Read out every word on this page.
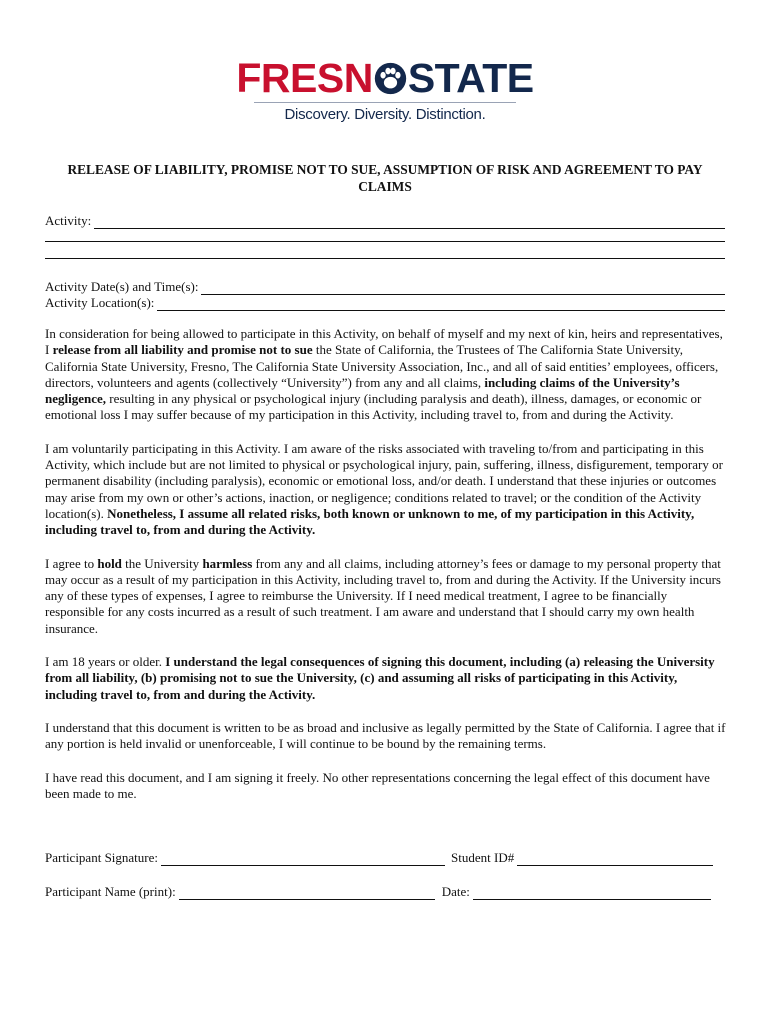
FRESN STATE
Discovery. Diversity. Distinction.
RELEASE OF LIABILITY, PROMISE NOT TO SUE, ASSUMPTION OF RISK AND AGREEMENT TO PAY CLAIMS
Activity:
Activity Date(s) and Time(s):
Activity Location(s):

In consideration for being allowed to participate in this Activity, on behalf of myself and my next of kin, heirs and representatives, I release from all liability and promise not to sue the State of California, the Trustees of The California State University, California State University, Fresno, The California State University Association, Inc., and all of said entities’ employees, officers, directors, volunteers and agents (collectively “University”) from any and all claims, including claims of the University’s negligence, resulting in any physical or psychological injury (including paralysis and death), illness, damages, or economic or emotional loss I may suffer because of my participation in this Activity, including travel to, from and during the Activity.

I am voluntarily participating in this Activity. I am aware of the risks associated with traveling to/from and participating in this Activity, which include but are not limited to physical or psychological injury, pain, suffering, illness, disfigurement, temporary or permanent disability (including paralysis), economic or emotional loss, and/or death. I understand that these injuries or outcomes may arise from my own or other’s actions, inaction, or negligence; conditions related to travel; or the condition of the Activity location(s). Nonetheless, I assume all related risks, both known or unknown to me, of my participation in this Activity, including travel to, from and during the Activity.

I agree to hold the University harmless from any and all claims, including attorney’s fees or damage to my personal property that may occur as a result of my participation in this Activity, including travel to, from and during the Activity. If the University incurs any of these types of expenses, I agree to reimburse the University. If I need medical treatment, I agree to be financially responsible for any costs incurred as a result of such treatment. I am aware and understand that I should carry my own health insurance.

I am 18 years or older. I understand the legal consequences of signing this document, including (a) releasing the University from all liability, (b) promising not to sue the University, (c) and assuming all risks of participating in this Activity, including travel to, from and during the Activity.

I understand that this document is written to be as broad and inclusive as legally permitted by the State of California. I agree that if any portion is held invalid or unenforceable, I will continue to be bound by the remaining terms.

I have read this document, and I am signing it freely. No other representations concerning the legal effect of this document have been made to me.

Participant Signature:	Student ID#
Participant Name (print):	Date:
